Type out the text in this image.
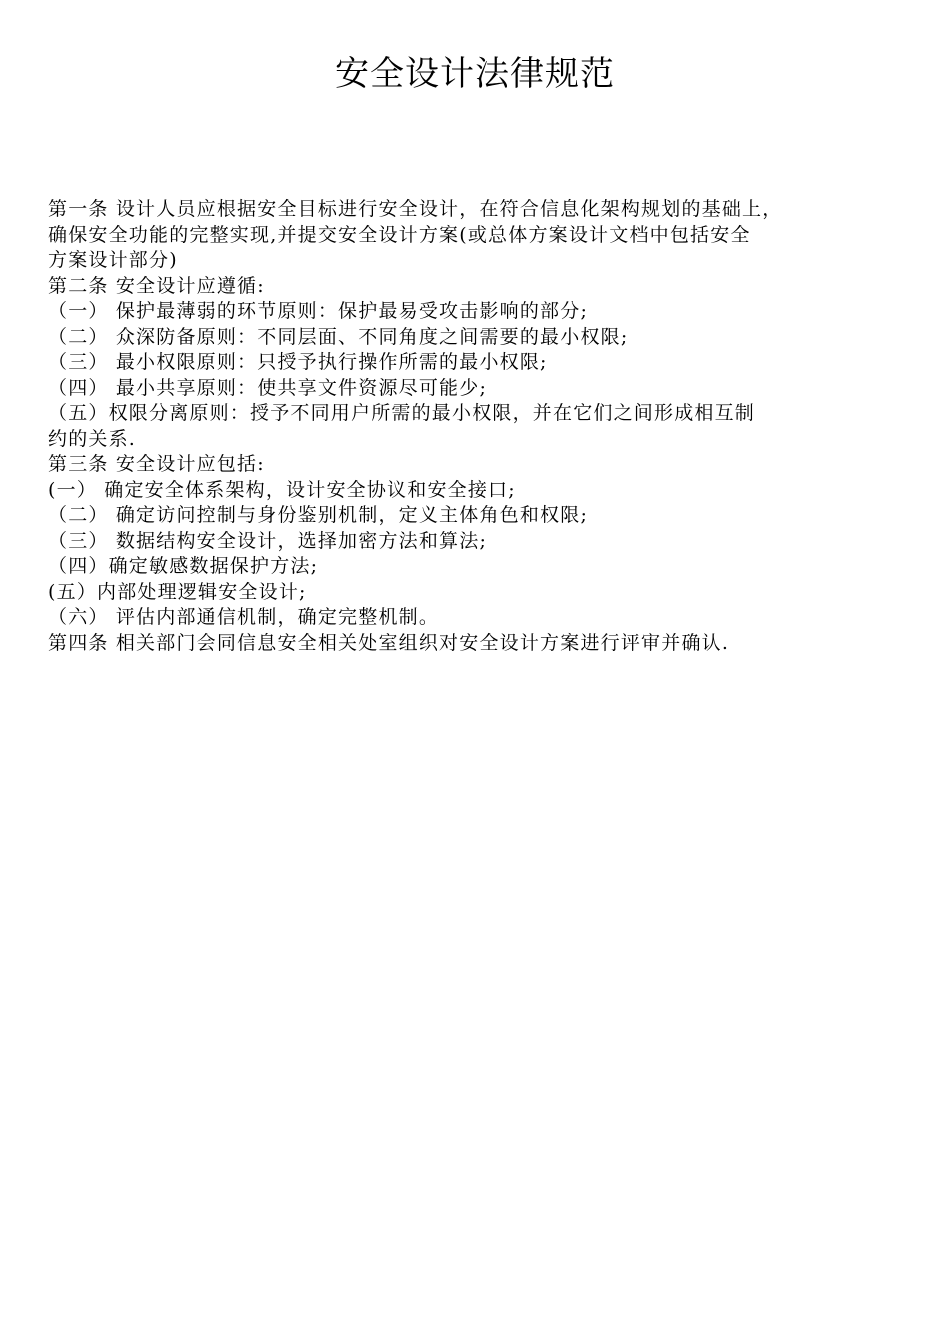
安全设计法律规范
第一条 设计人员应根据安全目标进行安全设计，在符合信息化架构规划的基础上，
确保安全功能的完整实现,并提交安全设计方案(或总体方案设计文档中包括安全
方案设计部分)
第二条 安全设计应遵循:
（一） 保护最薄弱的环节原则：保护最易受攻击影响的部分;
（二） 众深防备原则：不同层面、不同角度之间需要的最小权限;
（三） 最小权限原则：只授予执行操作所需的最小权限;
（四） 最小共享原则：使共享文件资源尽可能少;
（五）权限分离原则：授予不同用户所需的最小权限，并在它们之间形成相互制
约的关系.
第三条 安全设计应包括:
(一） 确定安全体系架构，设计安全协议和安全接口;
（二） 确定访问控制与身份鉴别机制，定义主体角色和权限;
（三） 数据结构安全设计，选择加密方法和算法;
（四）确定敏感数据保护方法;
(五）内部处理逻辑安全设计;
（六） 评估内部通信机制，确定完整机制。
第四条 相关部门会同信息安全相关处室组织对安全设计方案进行评审并确认.
